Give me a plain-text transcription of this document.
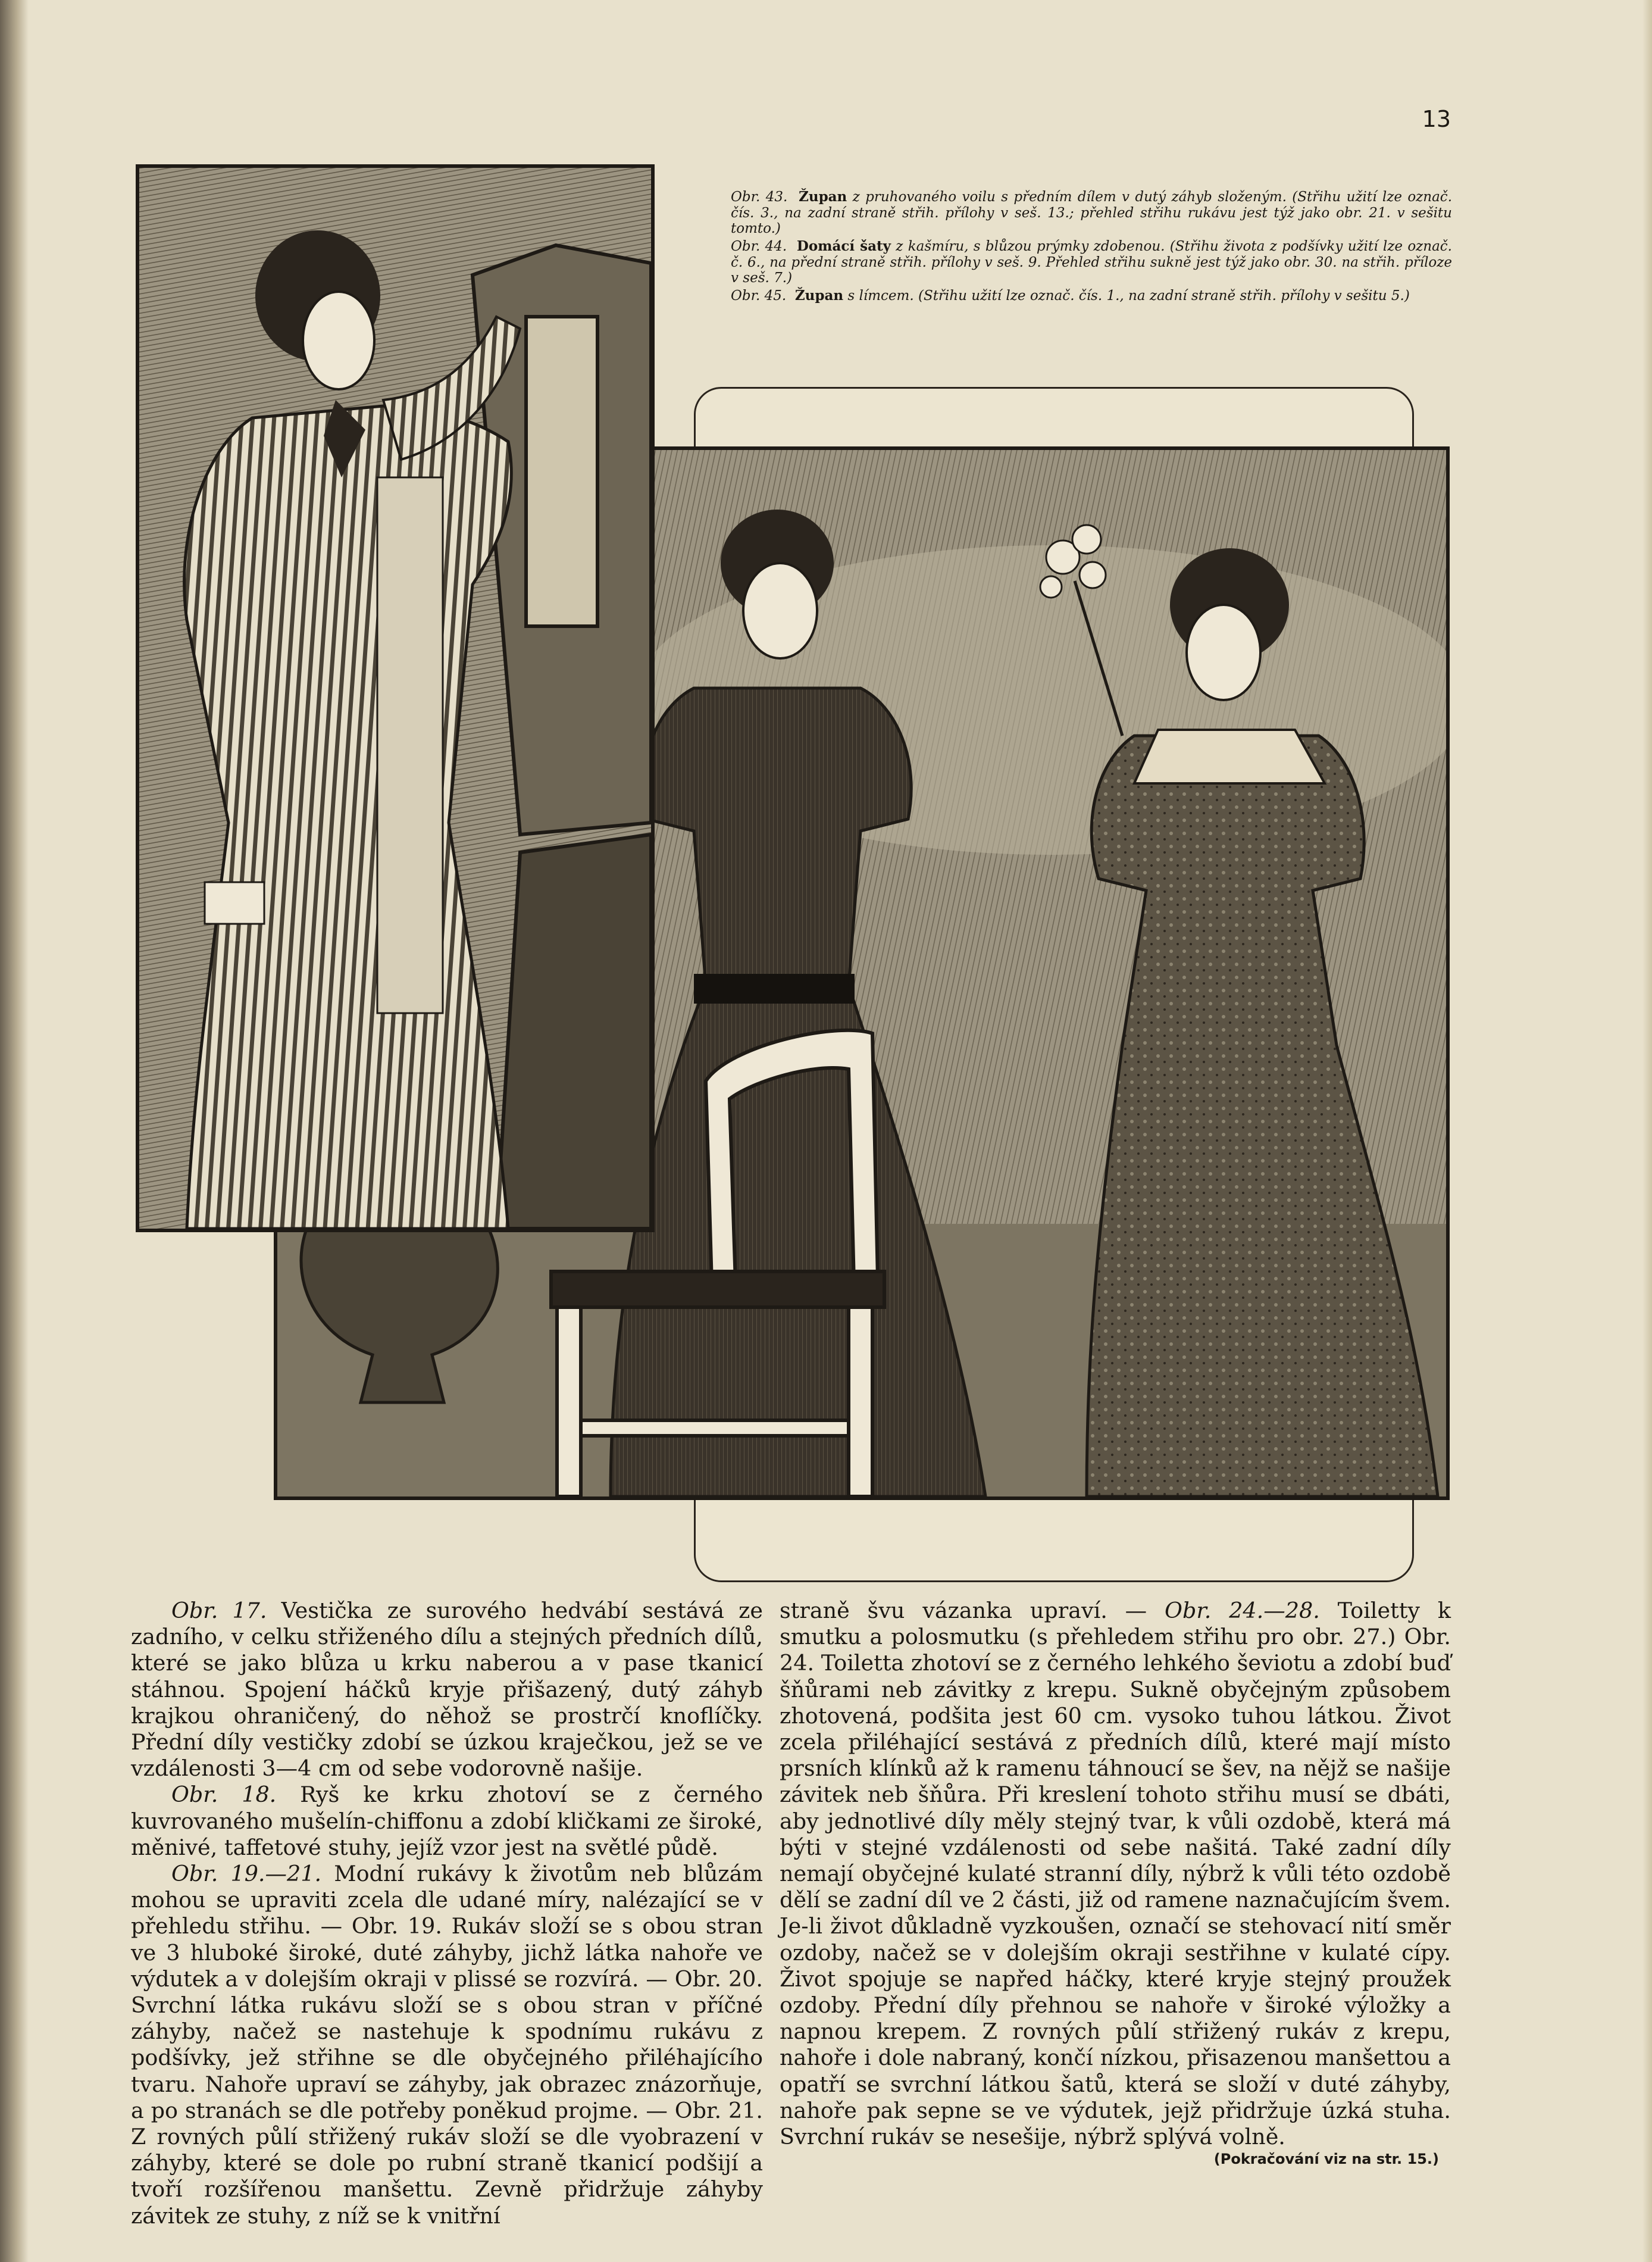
13

Obr. 43. Župan z pruhovaného voilu s předním dílem v dutý záhyb složeným. (Střihu užití lze označ. čís. 3., na zadní straně střih. přílohy v seš. 13.; přehled střihu rukávu jest týž jako obr. 21. v sešitu tomto.)

Obr. 44. Domácí šaty z kašmíru, s blůzou prýmky zdobenou. (Střihu života z podšívky užití lze označ. č. 6., na přední straně střih. přílohy v seš. 9. Přehled střihu sukně jest týž jako obr. 30. na střih. příloze v seš. 7.)

Obr. 45. Župan s límcem. (Střihu užití lze označ. čís. 1., na zadní straně střih. přílohy v sešitu 5.)

Obr. 17. Vestička ze surového hedvábí sestává ze zadního, v celku střiženého dílu a stejných předních dílů, které se jako blůza u krku naberou a v pase tkanicí stáhnou. Spojení háčků kryje přišazený, dutý záhyb krajkou ohraničený, do něhož se prostrčí knoflíčky. Přední díly vestičky zdobí se úzkou kraječkou, jež se ve vzdálenosti 3—4 cm od sebe vodorovně našije.

Obr. 18. Ryš ke krku zhotoví se z černého kuvrovaného mušelín-chiffonu a zdobí kličkami ze široké, měnivé, taffetové stuhy, jejíž vzor jest na světlé půdě.

Obr. 19.—21. Modní rukávy k životům neb blůzám mohou se upraviti zcela dle udané míry, nalézající se v přehledu střihu. — Obr. 19. Rukáv složí se s obou stran ve 3 hluboké široké, duté záhyby, jichž látka nahoře ve výdutek a v dolejším okraji v plissé se rozvírá. — Obr. 20. Svrchní látka rukávu složí se s obou stran v příčné záhyby, načež se nastehuje k spodnímu rukávu z podšívky, jež střihne se dle obyčejného přiléhajícího tvaru. Nahoře upraví se záhyby, jak obrazec znázorňuje, a po stranách se dle potřeby poněkud projme. — Obr. 21. Z rovných půlí střižený rukáv složí se dle vyobrazení v záhyby, které se dole po rubní straně tkanicí podšijí a tvoří rozšířenou manšettu. Zevně přidržuje záhyby závitek ze stuhy, z níž se k vnitřní

straně švu vázanka upraví. — Obr. 24.—28. Toiletty k smutku a polosmutku (s přehledem střihu pro obr. 27.) Obr. 24. Toiletta zhotoví se z černého lehkého ševiotu a zdobí buď šňůrami neb závitky z krepu. Sukně obyčejným způsobem zhotovená, podšita jest 60 cm. vysoko tuhou látkou. Život zcela přiléhající sestává z předních dílů, které mají místo prsních klínků až k ramenu táhnoucí se šev, na nějž se našije závitek neb šňůra. Při kreslení tohoto střihu musí se dbáti, aby jednotlivé díly měly stejný tvar, k vůli ozdobě, která má býti v stejné vzdálenosti od sebe našitá. Také zadní díly nemají obyčejné kulaté stranní díly, nýbrž k vůli této ozdobě dělí se zadní díl ve 2 části, již od ramene naznačujícím švem. Je-li život důkladně vyzkoušen, označí se stehovací nití směr ozdoby, načež se v dolejším okraji sestřihne v kulaté cípy. Život spojuje se napřed háčky, které kryje stejný proužek ozdoby. Přední díly přehnou se nahoře v široké výložky a napnou krepem. Z rovných půlí střižený rukáv z krepu, nahoře i dole nabraný, končí nízkou, přisazenou manšettou a opatří se svrchní látkou šatů, která se složí v duté záhyby, nahoře pak sepne se ve výdutek, jejž přidržuje úzká stuha. Svrchní rukáv se nesešije, nýbrž splývá volně.

(Pokračování viz na str. 15.)
